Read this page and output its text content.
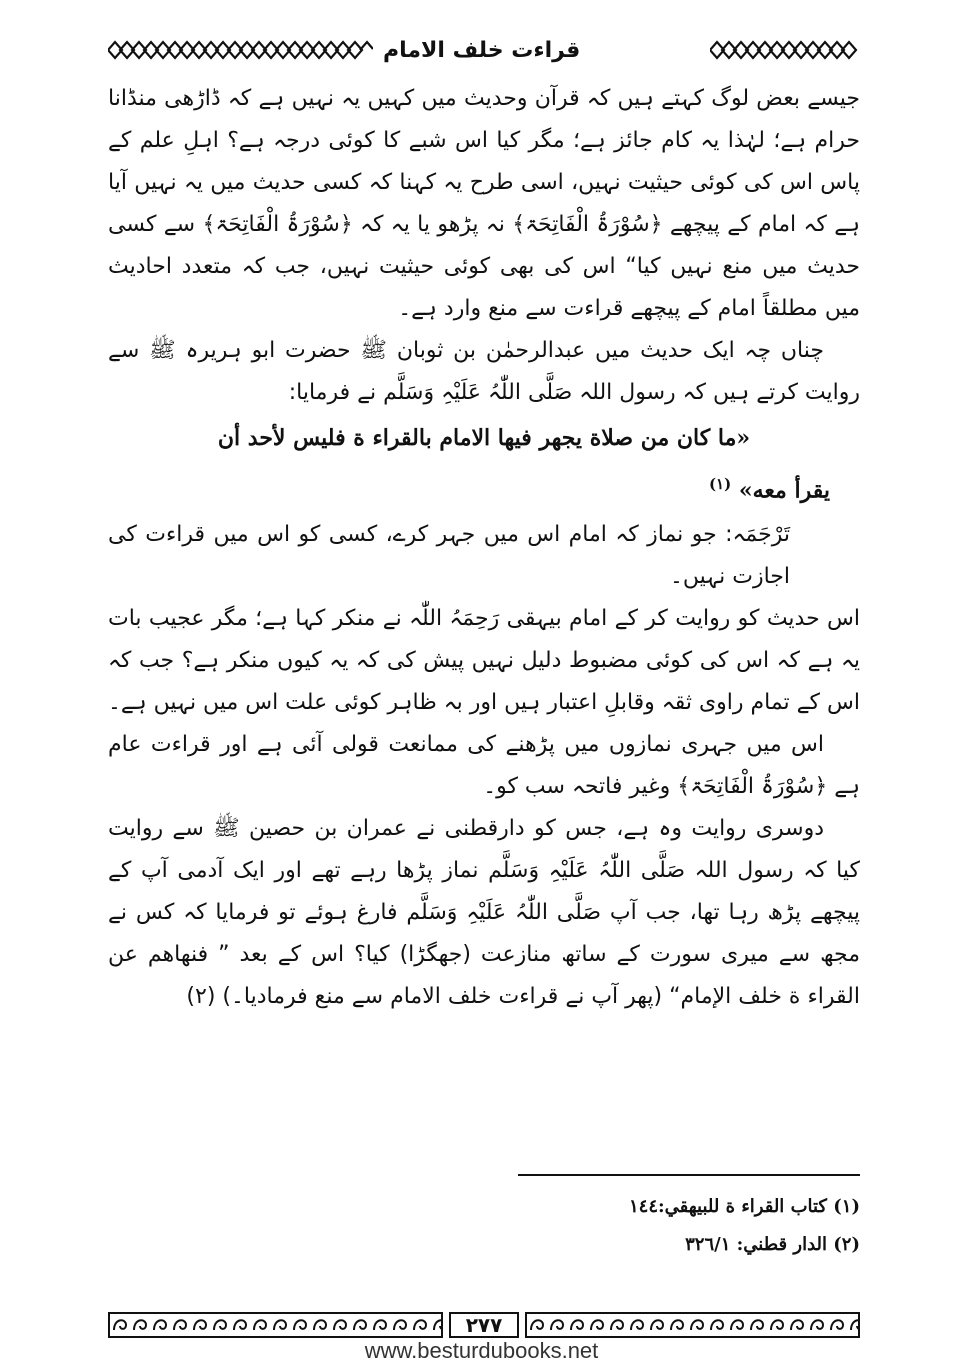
قراءت خلف الامام

جیسے بعض لوگ کہتے ہیں کہ قرآن وحدیث میں کہیں یہ نہیں ہے کہ ڈاڑھی منڈانا حرام ہے؛ لہٰذا یہ کام جائز ہے؛ مگر کیا اس شبے کا کوئی درجہ ہے؟ اہلِ علم کے پاس اس کی کوئی حیثیت نہیں، اسی طرح یہ کہنا کہ کسی حدیث میں یہ نہیں آیا ہے کہ امام کے پیچھے ﴿سُوْرَۃُ الْفَاتِحَۃ﴾ نہ پڑھو یا یہ کہ ﴿سُوْرَۃُ الْفَاتِحَۃ﴾ سے کسی حدیث میں منع نہیں کیا“ اس کی بھی کوئی حیثیت نہیں، جب کہ متعدد احادیث میں مطلقاً امام کے پیچھے قراءت سے منع وارد ہے۔

چناں چہ ایک حدیث میں عبدالرحمٰن بن ثوبان ﷺ حضرت ابو ہریرہ ﷺ سے روایت کرتے ہیں کہ رسول اللہ صَلَّی اللّٰہُ عَلَیْہِ وَسَلَّم نے فرمایا:

«ما كان من صلاة يجهر فيها الامام بالقراء ة فليس لأحد أن
يقرأ معه» $^{(١)}$

تَرْجَمَہ: جو نماز کہ امام اس میں جہر کرے، کسی کو اس میں قراءت کی اجازت نہیں۔

اس حدیث کو روایت کر کے امام بیہقی رَحِمَہُ اللّٰہ نے منکر کہا ہے؛ مگر عجیب بات یہ ہے کہ اس کی کوئی مضبوط دلیل نہیں پیش کی کہ یہ کیوں منکر ہے؟ جب کہ اس کے تمام راوی ثقہ وقابلِ اعتبار ہیں اور بہ ظاہر کوئی علت اس میں نہیں ہے۔

اس میں جہری نمازوں میں پڑھنے کی ممانعت قولی آئی ہے اور قراءت عام ہے ﴿سُوْرَۃُ الْفَاتِحَۃ﴾ وغیر فاتحہ سب کو۔

دوسری روایت وہ ہے، جس کو دارقطنی نے عمران بن حصین ﷺ سے روایت کیا کہ رسول اللہ صَلَّی اللّٰہُ عَلَیْہِ وَسَلَّم نماز پڑھا رہے تھے اور ایک آدمی آپ کے پیچھے پڑھ رہا تھا، جب آپ صَلَّی اللّٰہُ عَلَیْہِ وَسَلَّم فارغ ہوئے تو فرمایا کہ کس نے مجھ سے میری سورت کے ساتھ منازعت (جھگڑا) کیا؟ اس کے بعد ” فنهاهم عن القراء ة خلف الإمام“ (پھر آپ نے قراءت خلف الامام سے منع فرمادیا۔) (٢)

(١) كتاب القراء ة للبيهقي:١٤٤
(٢) الدار قطني: ٣٢٦/١
٢٧٧
www.besturdubooks.net
